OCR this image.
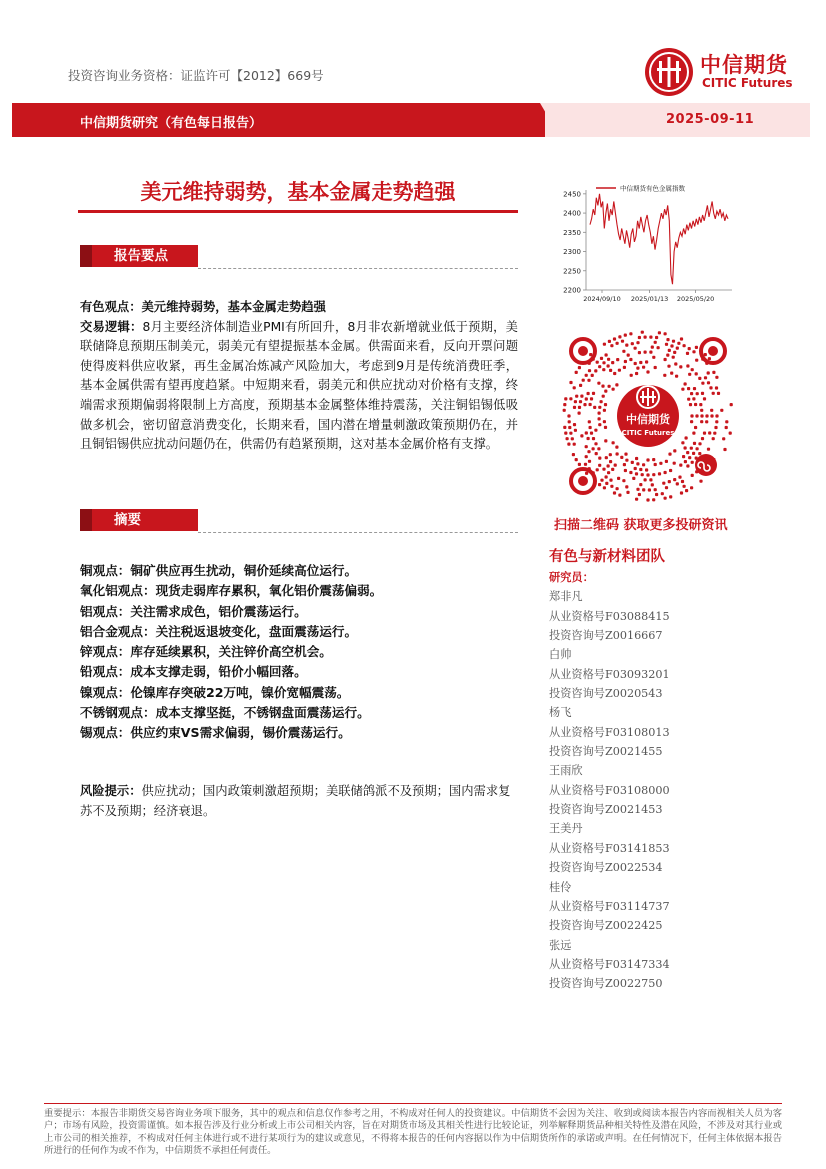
投资咨询业务资格：证监许可【2012】669号	中信期货
CITIC Futures
中信期货研究（有色每日报告）	2025-09-11
美元维持弱势，基本金属走势趋强
报告要点
有色观点：美元维持弱势，基本金属走势趋强
交易逻辑：8月主要经济体制造业PMI有所回升，8月非农新增就业低于预期，美联储降息预期压制美元，弱美元有望提振基本金属。供需面来看，反向开票问题使得废料供应收紧，再生金属冶炼减产风险加大，考虑到9月是传统消费旺季，基本金属供需有望再度趋紧。中短期来看，弱美元和供应扰动对价格有支撑，终端需求预期偏弱将限制上方高度，预期基本金属整体维持震荡，关注铜铝锡低吸做多机会，密切留意消费变化，长期来看，国内潜在增量刺激政策预期仍在，并且铜铝锡供应扰动问题仍在，供需仍有趋紧预期，这对基本金属价格有支撑。
摘要
铜观点：铜矿供应再生扰动，铜价延续高位运行。
氧化铝观点：现货走弱库存累积，氧化铝价震荡偏弱。
铝观点：关注需求成色，铝价震荡运行。
铝合金观点：关注税返退坡变化，盘面震荡运行。
锌观点：库存延续累积，关注锌价高空机会。
铅观点：成本支撑走弱，铅价小幅回落。
镍观点：伦镍库存突破22万吨，镍价宽幅震荡。
不锈钢观点：成本支撑坚挺，不锈钢盘面震荡运行。
锡观点：供应约束VS需求偏弱，锡价震荡运行。
风险提示：供应扰动；国内政策刺激超预期；美联储鸽派不及预期；国内需求复苏不及预期；经济衰退。
2200
2250
2300
2350
2400
2450
2024/09/10 2025/01/13 2025/05/20
中信期货有色金属指数
中信期货
CITIC Futures
扫描二维码 获取更多投研资讯
有色与新材料团队
研究员：
郑非凡
从业资格号F03088415
投资咨询号Z0016667
白帅
从业资格号F03093201
投资咨询号Z0020543
杨飞
从业资格号F03108013
投资咨询号Z0021455
王雨欣
从业资格号F03108000
投资咨询号Z0021453
王美丹
从业资格号F03141853
投资咨询号Z0022534
桂伶
从业资格号F03114737
投资咨询号Z0022425
张远
从业资格号F03147334
投资咨询号Z0022750
重要提示：本报告非期货交易咨询业务项下服务，其中的观点和信息仅作参考之用，不构成对任何人的投资建议。中信期货不会因为关注、收到或阅读本报告内容而视相关人员为客户；市场有风险，投资需谨慎。如本报告涉及行业分析或上市公司相关内容，旨在对期货市场及其相关性进行比较论证，列举解释期货品种相关特性及潜在风险，不涉及对其行业或上市公司的相关推荐，不构成对任何主体进行或不进行某项行为的建议或意见，不得将本报告的任何内容据以作为中信期货所作的承诺或声明。在任何情况下，任何主体依据本报告所进行的任何作为或不作为，中信期货不承担任何责任。
